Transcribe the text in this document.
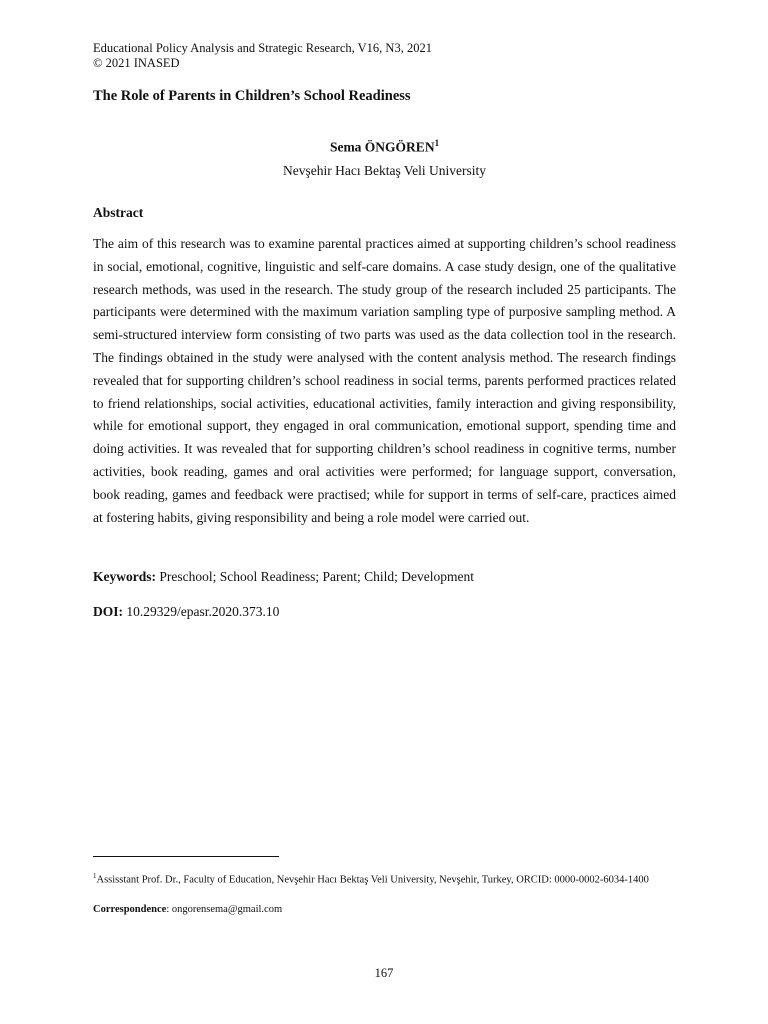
Educational Policy Analysis and Strategic Research, V16, N3, 2021
© 2021 INASED
The Role of Parents in Children’s School Readiness
Sema ÖNGÖREN$^1$
Nevşehir Hacı Bektaş Veli University
Abstract

The aim of this research was to examine parental practices aimed at supporting children’s school readiness in social, emotional, cognitive, linguistic and self-care domains. A case study design, one of the qualitative research methods, was used in the research. The study group of the research included 25 participants. The participants were determined with the maximum variation sampling type of purposive sampling method. A semi-structured interview form consisting of two parts was used as the data collection tool in the research. The findings obtained in the study were analysed with the content analysis method. The research findings revealed that for supporting children’s school readiness in social terms, parents performed practices related to friend relationships, social activities, educational activities, family interaction and giving responsibility, while for emotional support, they engaged in oral communication, emotional support, spending time and doing activities. It was revealed that for supporting children’s school readiness in cognitive terms, number activities, book reading, games and oral activities were performed; for language support, conversation, book reading, games and feedback were practised; while for support in terms of self-care, practices aimed at fostering habits, giving responsibility and being a role model were carried out.

Keywords: Preschool; School Readiness; Parent; Child; Development
DOI: 10.29329/epasr.2020.373.10
$^1$Assisstant Prof. Dr., Faculty of Education, Nevşehir Hacı Bektaş Veli University, Nevşehir, Turkey, ORCID: 0000-0002-6034-1400
Correspondence: ongorensema@gmail.com
167
